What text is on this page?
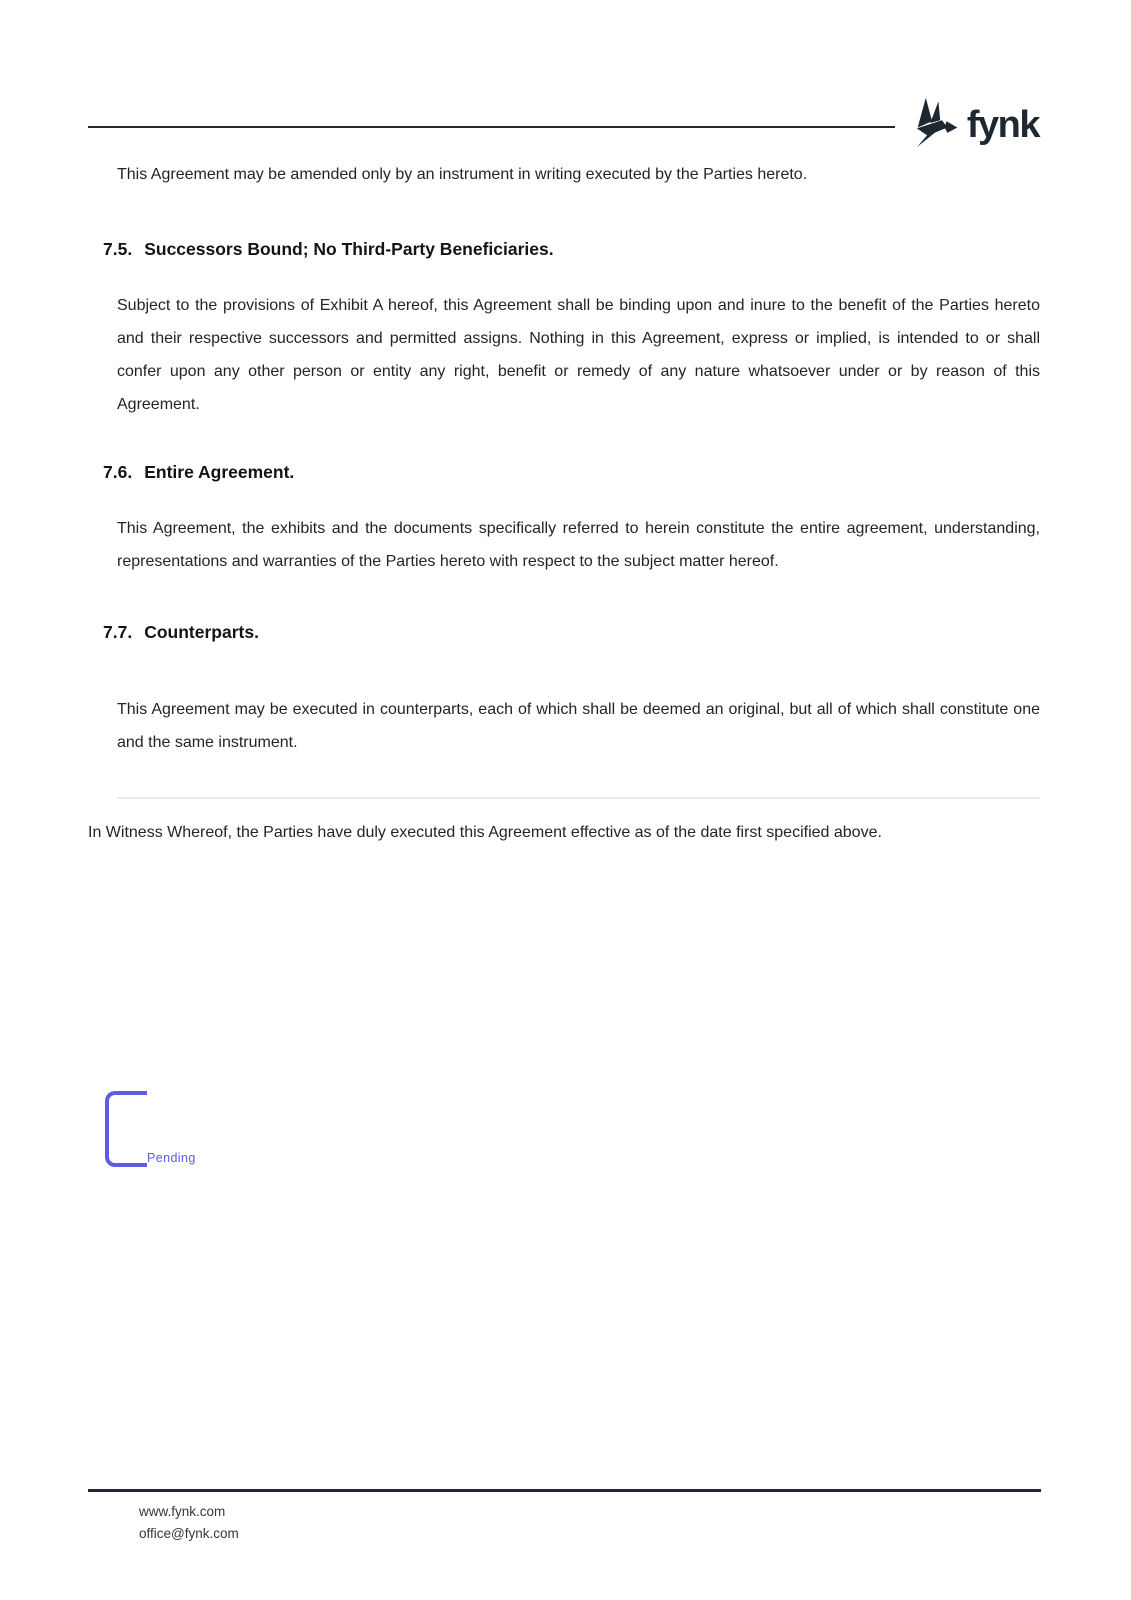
fynk

This Agreement may be amended only by an instrument in writing executed by the Parties hereto.

7.5. Successors Bound; No Third-Party Beneficiaries.

Subject to the provisions of Exhibit A hereof, this Agreement shall be binding upon and inure to the benefit of the Parties hereto and their respective successors and permitted assigns. Nothing in this Agreement, express or implied, is intended to or shall confer upon any other person or entity any right, benefit or remedy of any nature whatsoever under or by reason of this Agreement.

7.6. Entire Agreement.

This Agreement, the exhibits and the documents specifically referred to herein constitute the entire agreement, understanding, representations and warranties of the Parties hereto with respect to the subject matter hereof.

7.7. Counterparts.

This Agreement may be executed in counterparts, each of which shall be deemed an original, but all of which shall constitute one and the same instrument.

In Witness Whereof, the Parties have duly executed this Agreement effective as of the date first specified above.

Pending
www.fynk.com
office@fynk.com
